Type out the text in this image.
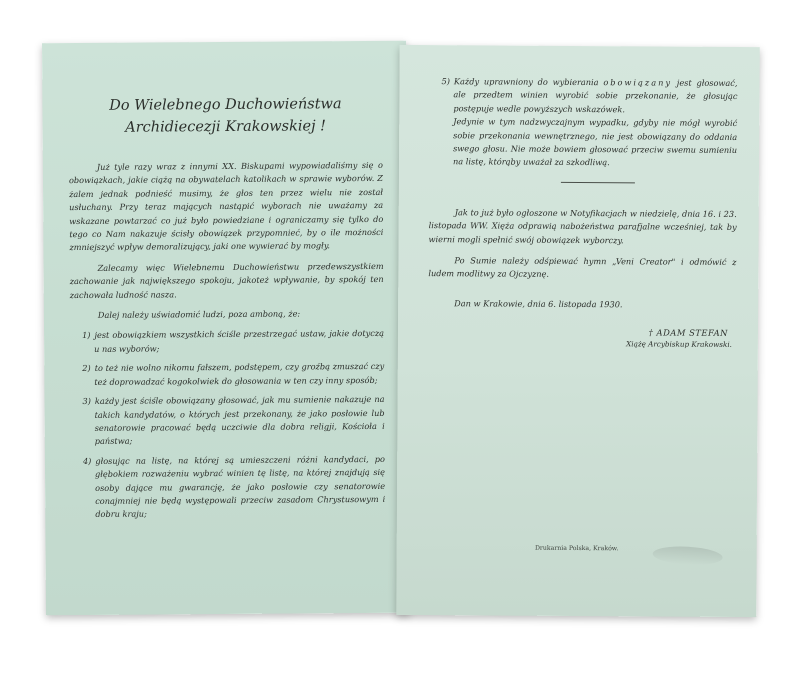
Do Wielebnego Duchowieństwa
Archidiecezji Krakowskiej !

Już tyle razy wraz z innymi XX. Biskupami wypowiadaliśmy się o obowiązkach, jakie ciążą na obywatelach katolikach w sprawie wyborów. Z żalem jednak podnieść musimy, że głos ten przez wielu nie został usłuchany. Przy teraz mających nastąpić wyborach nie uważamy za wskazane powtarzać co już było powiedziane i ograniczamy się tylko do tego co Nam nakazuje ścisły obowiązek przypomnieć, by o ile możności zmniejszyć wpływ demoralizujący, jaki one wywierać by mogły.

Zalecamy więc Wielebnemu Duchowieństwu przedewszystkiem zachowanie jak największego spokoju, jakoteż wpływanie, by spokój ten zachowała ludność nasza.

Dalej należy uświadomić ludzi, poza amboną, że:

1) jest obowiązkiem wszystkich ściśle przestrzegać ustaw, jakie dotyczą u nas wyborów;

2) to też nie wolno nikomu fałszem, podstępem, czy groźbą zmuszać czy też doprowadzać kogokolwiek do głosowania w ten czy inny sposób;

3) każdy jest ściśle obowiązany głosować, jak mu sumienie nakazuje na takich kandydatów, o których jest przekonany, że jako posłowie lub senatorowie pracować będą uczciwie dla dobra religji, Kościoła i państwa;

4) głosując na listę, na której są umieszczeni różni kandydaci, po głębokiem rozważeniu wybrać winien tę listę, na której znajdują się osoby dające mu gwarancję, że jako posłowie czy senatorowie conajmniej nie będą występowali przeciw zasadom Chrystusowym i dobru kraju;

5) Każdy uprawniony do wybierania obowiązany jest głosować, ale przedtem winien wyrobić sobie przekonanie, że głosując postępuje wedle powyższych wskazówek.
Jedynie w tym nadzwyczajnym wypadku, gdyby nie mógł wyrobić sobie przekonania wewnętrznego, nie jest obowiązany do oddania swego głosu. Nie może bowiem głosować przeciw swemu sumieniu na listę, którąby uważał za szkodliwą.

Jak to już było ogłoszone w Notyfikacjach w niedzielę, dnia 16. i 23. listopada WW. Xięża odprawią nabożeństwa parafjalne wcześniej, tak by wierni mogli spełnić swój obowiązek wyborczy.

Po Sumie należy odśpiewać hymn „Veni Creator" i odmówić z ludem modlitwy za Ojczyznę.

Dan w Krakowie, dnia 6. listopada 1930.

† ADAM STEFAN

Xiążę Arcybiskup Krakowski.

Drukarnia Polska, Kraków.
